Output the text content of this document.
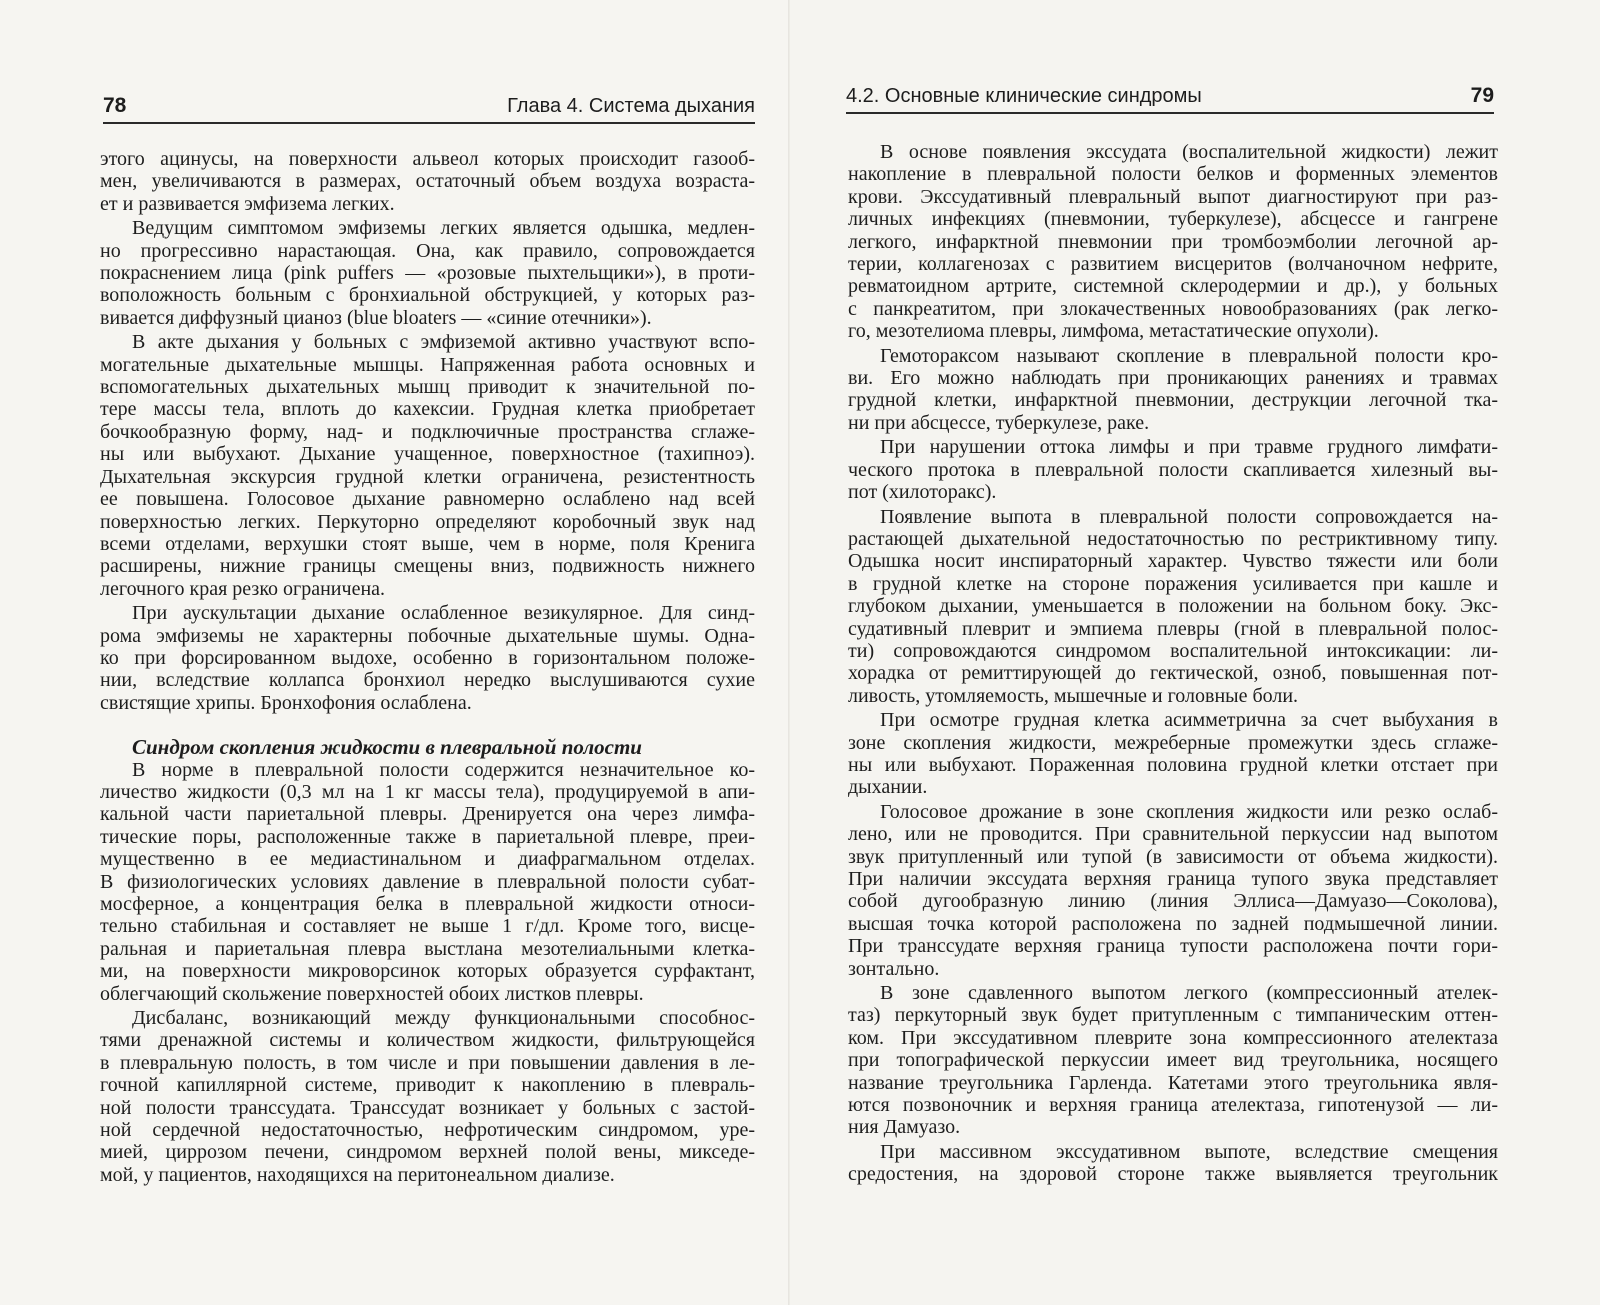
78	Глава 4. Система дыхания
этого ацинусы, на поверхности альвеол которых происходит газооб-
мен, увеличиваются в размерах, остаточный объем воздуха возраста-
ет и развивается эмфизема легких.
Ведущим симптомом эмфиземы легких является одышка, медлен-
но прогрессивно нарастающая. Она, как правило, сопровождается
покраснением лица (pink puffers — «розовые пыхтельщики»), в проти-
воположность больным с бронхиальной обструкцией, у которых раз-
вивается диффузный цианоз (blue bloaters — «синие отечники»).
В акте дыхания у больных с эмфиземой активно участвуют вспо-
могательные дыхательные мышцы. Напряженная работа основных и
вспомогательных дыхательных мышц приводит к значительной по-
тере массы тела, вплоть до кахексии. Грудная клетка приобретает
бочкообразную форму, над- и подключичные пространства сглаже-
ны или выбухают. Дыхание учащенное, поверхностное (тахипноэ).
Дыхательная экскурсия грудной клетки ограничена, резистентность
ее повышена. Голосовое дыхание равномерно ослаблено над всей
поверхностью легких. Перкуторно определяют коробочный звук над
всеми отделами, верхушки стоят выше, чем в норме, поля Кренига
расширены, нижние границы смещены вниз, подвижность нижнего
легочного края резко ограничена.
При аускультации дыхание ослабленное везикулярное. Для синд-
рома эмфиземы не характерны побочные дыхательные шумы. Одна-
ко при форсированном выдохе, особенно в горизонтальном положе-
нии, вследствие коллапса бронхиол нередко выслушиваются сухие
свистящие хрипы. Бронхофония ослаблена.
Синдром скопления жидкости в плевральной полости
В норме в плевральной полости содержится незначительное ко-
личество жидкости (0,3 мл на 1 кг массы тела), продуцируемой в апи-
кальной части париетальной плевры. Дренируется она через лимфа-
тические поры, расположенные также в париетальной плевре, преи-
мущественно в ее медиастинальном и диафрагмальном отделах.
В физиологических условиях давление в плевральной полости субат-
мосферное, а концентрация белка в плевральной жидкости относи-
тельно стабильная и составляет не выше 1 г/дл. Кроме того, висце-
ральная и париетальная плевра выстлана мезотелиальными клетка-
ми, на поверхности микроворсинок которых образуется сурфактант,
облегчающий скольжение поверхностей обоих листков плевры.
Дисбаланс, возникающий между функциональными способнос-
тями дренажной системы и количеством жидкости, фильтрующейся
в плевральную полость, в том числе и при повышении давления в ле-
гочной капиллярной системе, приводит к накоплению в плевраль-
ной полости транссудата. Транссудат возникает у больных с застой-
ной сердечной недостаточностью, нефротическим синдромом, уре-
мией, циррозом печени, синдромом верхней полой вены, микседе-
мой, у пациентов, находящихся на перитонеальном диализе.
4.2. Основные клинические синдромы	79
В основе появления экссудата (воспалительной жидкости) лежит
накопление в плевральной полости белков и форменных элементов
крови. Экссудативный плевральный выпот диагностируют при раз-
личных инфекциях (пневмонии, туберкулезе), абсцессе и гангрене
легкого, инфарктной пневмонии при тромбоэмболии легочной ар-
терии, коллагенозах с развитием висцеритов (волчаночном нефрите,
ревматоидном артрите, системной склеродермии и др.), у больных
с панкреатитом, при злокачественных новообразованиях (рак легко-
го, мезотелиома плевры, лимфома, метастатические опухоли).
Гемотораксом называют скопление в плевральной полости кро-
ви. Его можно наблюдать при проникающих ранениях и травмах
грудной клетки, инфарктной пневмонии, деструкции легочной тка-
ни при абсцессе, туберкулезе, раке.
При нарушении оттока лимфы и при травме грудного лимфати-
ческого протока в плевральной полости скапливается хилезный вы-
пот (хилоторакс).
Появление выпота в плевральной полости сопровождается на-
растающей дыхательной недостаточностью по рестриктивному типу.
Одышка носит инспираторный характер. Чувство тяжести или боли
в грудной клетке на стороне поражения усиливается при кашле и
глубоком дыхании, уменьшается в положении на больном боку. Экс-
судативный плеврит и эмпиема плевры (гной в плевральной полос-
ти) сопровождаются синдромом воспалительной интоксикации: ли-
хорадка от ремиттирующей до гектической, озноб, повышенная пот-
ливость, утомляемость, мышечные и головные боли.
При осмотре грудная клетка асимметрична за счет выбухания в
зоне скопления жидкости, межреберные промежутки здесь сглаже-
ны или выбухают. Пораженная половина грудной клетки отстает при
дыхании.
Голосовое дрожание в зоне скопления жидкости или резко ослаб-
лено, или не проводится. При сравнительной перкуссии над выпотом
звук притупленный или тупой (в зависимости от объема жидкости).
При наличии экссудата верхняя граница тупого звука представляет
собой дугообразную линию (линия Эллиса—Дамуазо—Соколова),
высшая точка которой расположена по задней подмышечной линии.
При транссудате верхняя граница тупости расположена почти гори-
зонтально.
В зоне сдавленного выпотом легкого (компрессионный ателек-
таз) перкуторный звук будет притупленным с тимпаническим оттен-
ком. При экссудативном плеврите зона компрессионного ателектаза
при топографической перкуссии имеет вид треугольника, носящего
название треугольника Гарленда. Катетами этого треугольника явля-
ются позвоночник и верхняя граница ателектаза, гипотенузой — ли-
ния Дамуазо.
При массивном экссудативном выпоте, вследствие смещения
средостения, на здоровой стороне также выявляется треугольник
